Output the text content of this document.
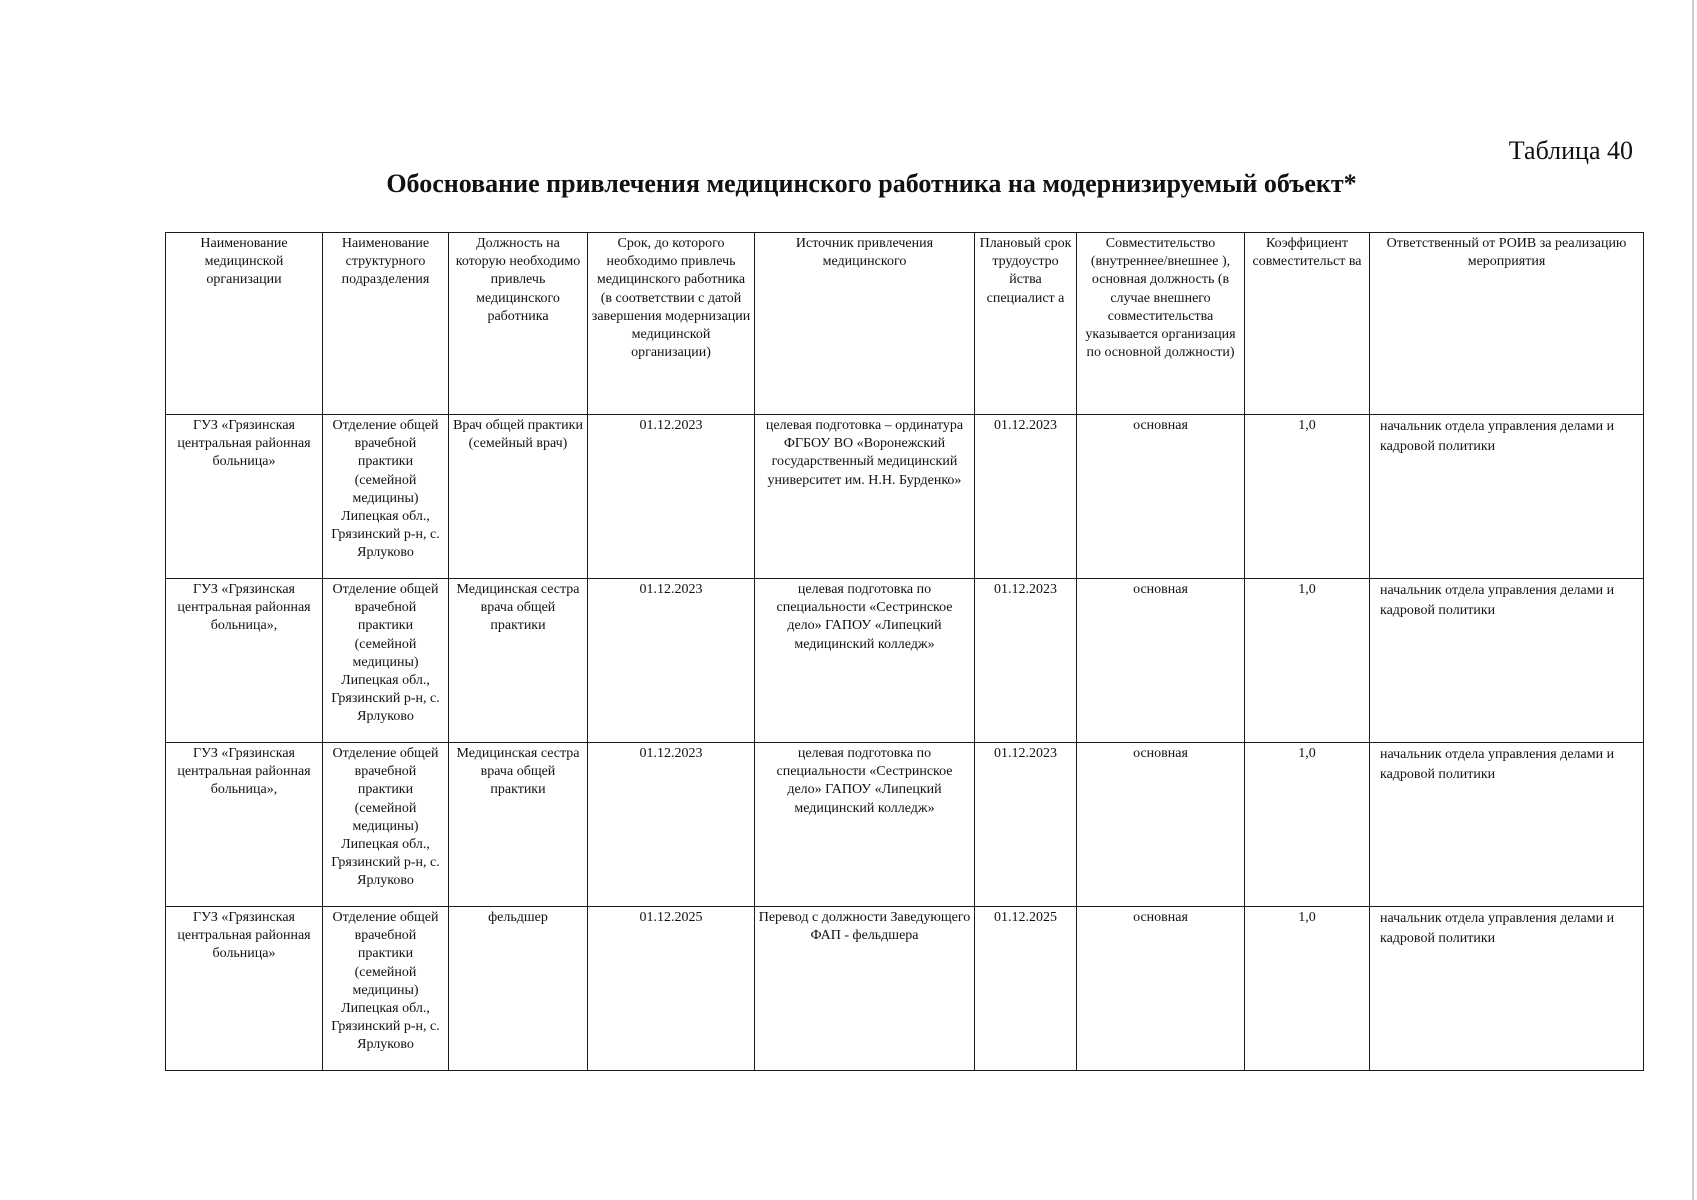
Таблица 40
Обоснование привлечения медицинского работника на модернизируемый объект*
Наименование медицинской организации	Наименование структурного подразделения	Должность на которую необходимо привлечь медицинского работника	Срок, до которого необходимо привлечь медицинского работника (в соответствии с датой завершения модернизации медицинской организации)	Источник привлечения медицинского	Плановый срок трудоустро йства специалист а	Совместительство (внутреннее/внешнее ), основная должность (в случае внешнего совместительства указывается организация по основной должности)	Коэффициент совместительст ва	Ответственный от РОИВ за реализацию мероприятия
ГУЗ «Грязинская центральная районная больница»	Отделение общей врачебной практики (семейной медицины) Липецкая обл., Грязинский р-н, с. Ярлуково	Врач общей практики (семейный врач)	01.12.2023	целевая подготовка – ординатура ФГБОУ ВО «Воронежский государственный медицинский университет им. Н.Н. Бурденко»	01.12.2023	основная	1,0	начальник отдела управления делами и кадровой политики
ГУЗ «Грязинская центральная районная больница»,	Отделение общей врачебной практики (семейной медицины) Липецкая обл., Грязинский р-н, с. Ярлуково	Медицинская сестра врача общей практики	01.12.2023	целевая подготовка по специальности «Сестринское дело» ГАПОУ «Липецкий медицинский колледж»	01.12.2023	основная	1,0	начальник отдела управления делами и кадровой политики
ГУЗ «Грязинская центральная районная больница»,	Отделение общей врачебной практики (семейной медицины) Липецкая обл., Грязинский р-н, с. Ярлуково	Медицинская сестра врача общей практики	01.12.2023	целевая подготовка по специальности «Сестринское дело» ГАПОУ «Липецкий медицинский колледж»	01.12.2023	основная	1,0	начальник отдела управления делами и кадровой политики
ГУЗ «Грязинская центральная районная больница»	Отделение общей врачебной практики (семейной медицины) Липецкая обл., Грязинский р-н, с. Ярлуково	фельдшер	01.12.2025	Перевод с должности Заведующего ФАП - фельдшера	01.12.2025	основная	1,0	начальник отдела управления делами и кадровой политики
